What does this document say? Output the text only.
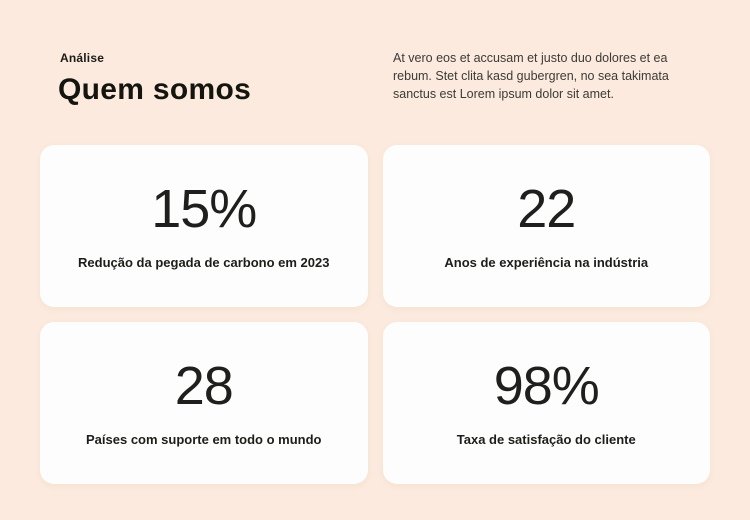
Análise
Quem somos

At vero eos et accusam et justo duo dolores et ea rebum. Stet clita kasd gubergren, no sea takimata sanctus est Lorem ipsum dolor sit amet.

15%
Redução da pegada de carbono em 2023
22
Anos de experiência na indústria
28
Países com suporte em todo o mundo
98%
Taxa de satisfação do cliente
